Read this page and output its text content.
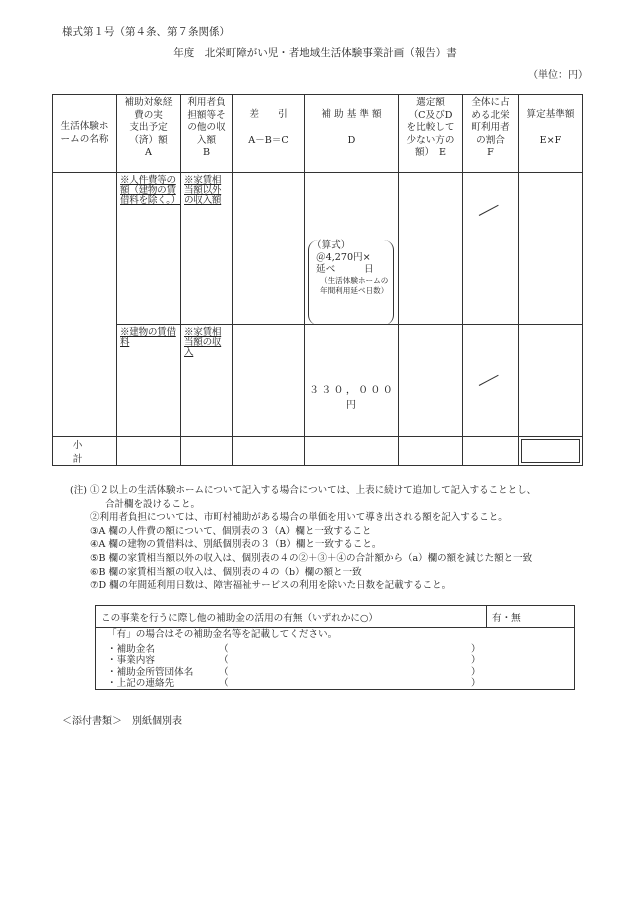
様式第１号（第４条、第７条関係）
年度　北栄町障がい児・者地域生活体験事業計画（報告）書
（単位：円）
生活体験ホ
ームの名称	補助対象経
費の実
支出予定
（済）額
A	利用者負
担額等そ
の他の収
入額
B	差　　引
A－B＝C	補 助 基 準 額
D	選定額
（C及びD
を比較して
少ない方の
額）　E	全体に占
める北栄
町利用者
の割合
F	算定基準額
E×F

	※人件費等の額（建物の賃借料を除く。）	※家賃相当額以外の収入額		（算式）
＠4,270円×
延べ　　　日
（生活体験ホームの年間利用延べ日数）			

	※建物の賃借料	※家賃相当額の収入		３３０，０００円			

小 計							
(注) ①２以上の生活体験ホームについて記入する場合については、上表に続けて追加して記入することとし、
合計欄を設けること。
②利用者負担については、市町村補助がある場合の単価を用いて導き出される額を記入すること。
③A 欄の人件費の額について、個別表の３（A）欄と一致すること
④A 欄の建物の賃借料は、別紙個別表の３（B）欄と一致すること。
⑤B 欄の家賃相当額以外の収入は、個別表の４の②＋③＋④の合計額から（a）欄の額を減じた額と一致
⑥B 欄の家賃相当額の収入は、個別表の４の（b）欄の額と一致
⑦D 欄の年間延利用日数は、障害福祉サービスの利用を除いた日数を記載すること。
この事業を行うに際し他の補助金の活用の有無（いずれかに○）	有・無

「有」の場合はその補助金名等を記載してください。
・補助金名	（	）
・事業内容	（	）
・補助金所管団体名	（	）
・上記の連絡先	（	）
＜添付書類＞　別紙個別表
